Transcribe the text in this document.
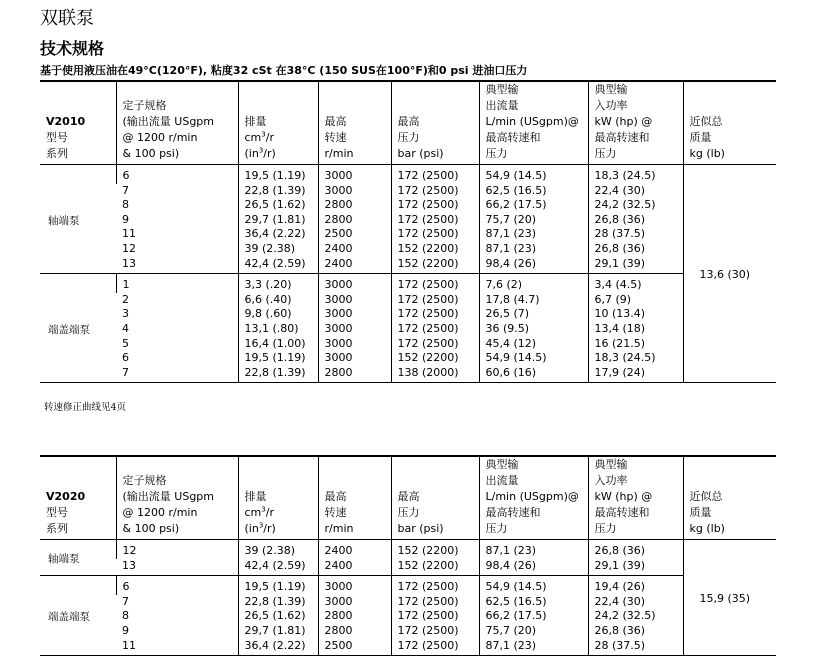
双联泵
技术规格
基于使用液压油在49°C(120°F), 粘度32 cSt 在38°C (150 SUS在100°F)和0 psi 进油口压力
V2010
型号
系列	定子规格
(输出流量 USgpm
@ 1200 r/min
& 100 psi)	排量
$cm^3/r$
$(in^3/r)$	最高
转速
r/min	最高
压力
bar (psi)	典型输
出流量
L/min (USgpm)@
最高转速和
压力	典型输
入功率
kW (hp) @
最高转速和
压力	近似总
质量
kg (lb)

轴端泵	6	19,5 (1.19)	3000	172 (2500)	54,9 (14.5)	18,3 (24.5)	13,6 (30)
	7	22,8 (1.39)	3000	172 (2500)	62,5 (16.5)	22,4 (30)	
	8	26,5 (1.62)	2800	172 (2500)	66,2 (17.5)	24,2 (32.5)	
	9	29,7 (1.81)	2800	172 (2500)	75,7 (20)	26,8 (36)	
	11	36,4 (2.22)	2500	172 (2500)	87,1 (23)	28 (37.5)	
	12	39 (2.38)	2400	152 (2200)	87,1 (23)	26,8 (36)	
	13	42,4 (2.59)	2400	152 (2200)	98,4 (26)	29,1 (39)	
端盖端泵	1	3,3 (.20)	3000	172 (2500)	7,6 (2)	3,4 (4.5)	
	2	6,6 (.40)	3000	172 (2500)	17,8 (4.7)	6,7 (9)	
	3	9,8 (.60)	3000	172 (2500)	26,5 (7)	10 (13.4)	
	4	13,1 (.80)	3000	172 (2500)	36 (9.5)	13,4 (18)	
	5	16,4 (1.00)	3000	172 (2500)	45,4 (12)	16 (21.5)	
	6	19,5 (1.19)	3000	152 (2200)	54,9 (14.5)	18,3 (24.5)	
	7	22,8 (1.39)	2800	138 (2000)	60,6 (16)	17,9 (24)	
转速修正曲线见4页
V2020
型号
系列	定子规格
(输出流量 USgpm
@ 1200 r/min
& 100 psi)	排量
$cm^3/r$
$(in^3/r)$	最高
转速
r/min	最高
压力
bar (psi)	典型输
出流量
L/min (USgpm)@
最高转速和
压力	典型输
入功率
kW (hp) @
最高转速和
压力	近似总
质量
kg (lb)

轴端泵	12	39 (2.38)	2400	152 (2200)	87,1 (23)	26,8 (36)	15,9 (35)
	13	42,4 (2.59)	2400	152 (2200)	98,4 (26)	29,1 (39)	
端盖端泵	6	19,5 (1.19)	3000	172 (2500)	54,9 (14.5)	19,4 (26)	
	7	22,8 (1.39)	3000	172 (2500)	62,5 (16.5)	22,4 (30)	
	8	26,5 (1.62)	2800	172 (2500)	66,2 (17.5)	24,2 (32.5)	
	9	29,7 (1.81)	2800	172 (2500)	75,7 (20)	26,8 (36)	
	11	36,4 (2.22)	2500	172 (2500)	87,1 (23)	28 (37.5)	
